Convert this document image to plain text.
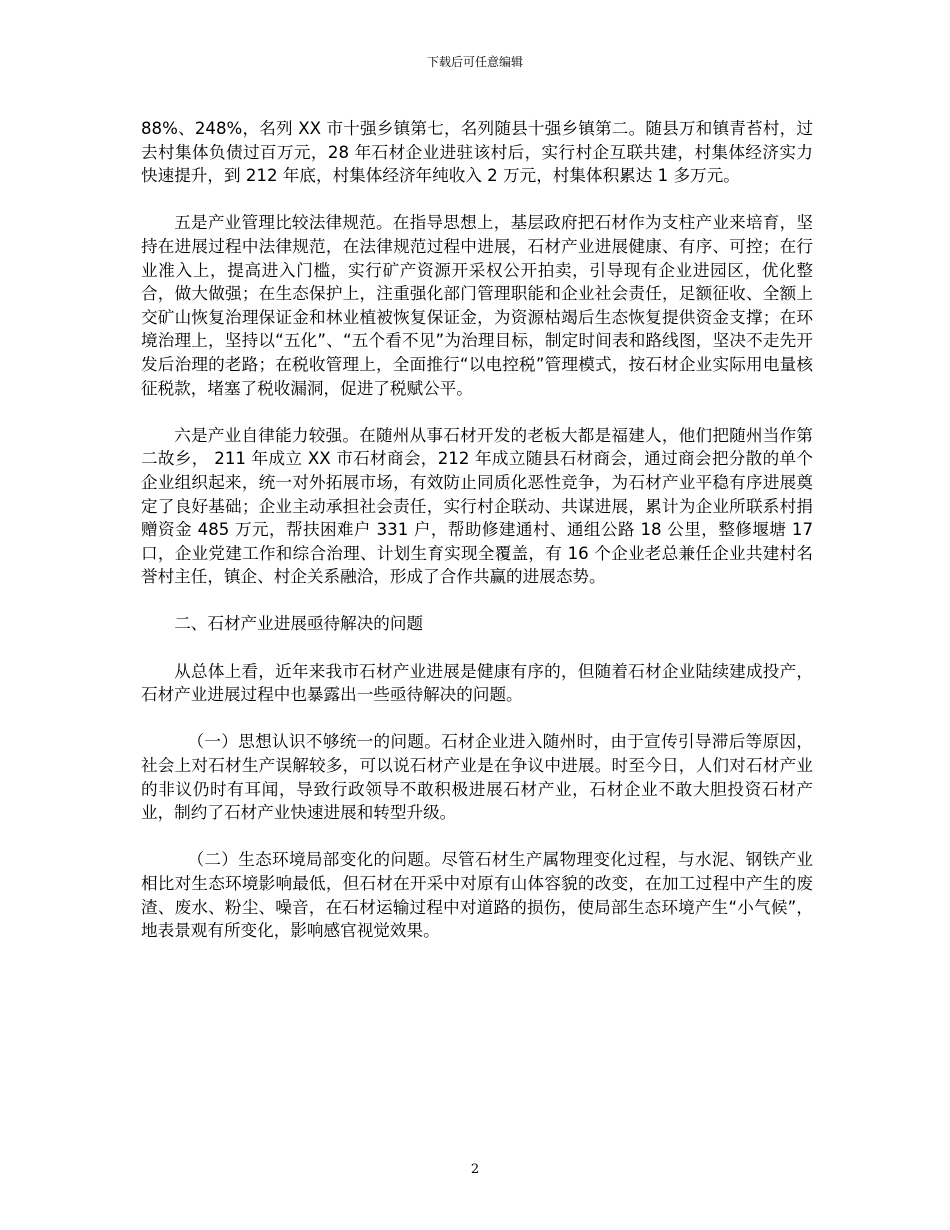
下载后可任意编辑

88%、248%，名列 XX 市十强乡镇第七，名列随县十强乡镇第二。随县万和镇青苔村，过去村集体负债过百万元，28 年石材企业进驻该村后，实行村企互联共建，村集体经济实力快速提升，到 212 年底，村集体经济年纯收入 2 万元，村集体积累达 1 多万元。

五是产业管理比较法律规范。在指导思想上，基层政府把石材作为支柱产业来培育，坚持在进展过程中法律规范，在法律规范过程中进展，石材产业进展健康、有序、可控；在行业准入上，提高进入门槛，实行矿产资源开采权公开拍卖，引导现有企业进园区，优化整合，做大做强；在生态保护上，注重强化部门管理职能和企业社会责任，足额征收、全额上交矿山恢复治理保证金和林业植被恢复保证金，为资源枯竭后生态恢复提供资金支撑；在环境治理上，坚持以“五化”、“五个看不见”为治理目标，制定时间表和路线图，坚决不走先开发后治理的老路；在税收管理上，全面推行“以电控税”管理模式，按石材企业实际用电量核征税款，堵塞了税收漏洞，促进了税赋公平。

六是产业自律能力较强。在随州从事石材开发的老板大都是福建人，他们把随州当作第二故乡， 211 年成立 XX 市石材商会，212 年成立随县石材商会，通过商会把分散的单个企业组织起来，统一对外拓展市场，有效防止同质化恶性竞争，为石材产业平稳有序进展奠定了良好基础；企业主动承担社会责任，实行村企联动、共谋进展，累计为企业所联系村捐赠资金 485 万元，帮扶困难户 331 户，帮助修建通村、通组公路 18 公里，整修堰塘 17 口，企业党建工作和综合治理、计划生育实现全覆盖，有 16 个企业老总兼任企业共建村名誉村主任，镇企、村企关系融洽，形成了合作共赢的进展态势。

二、石材产业进展亟待解决的问题

从总体上看，近年来我市石材产业进展是健康有序的，但随着石材企业陆续建成投产，石材产业进展过程中也暴露出一些亟待解决的问题。

（一）思想认识不够统一的问题。石材企业进入随州时，由于宣传引导滞后等原因，社会上对石材生产误解较多，可以说石材产业是在争议中进展。时至今日，人们对石材产业的非议仍时有耳闻，导致行政领导不敢积极进展石材产业，石材企业不敢大胆投资石材产业，制约了石材产业快速进展和转型升级。

（二）生态环境局部变化的问题。尽管石材生产属物理变化过程，与水泥、钢铁产业相比对生态环境影响最低，但石材在开采中对原有山体容貌的改变，在加工过程中产生的废渣、废水、粉尘、噪音，在石材运输过程中对道路的损伤，使局部生态环境产生“小气候”，地表景观有所变化，影响感官视觉效果。

2
